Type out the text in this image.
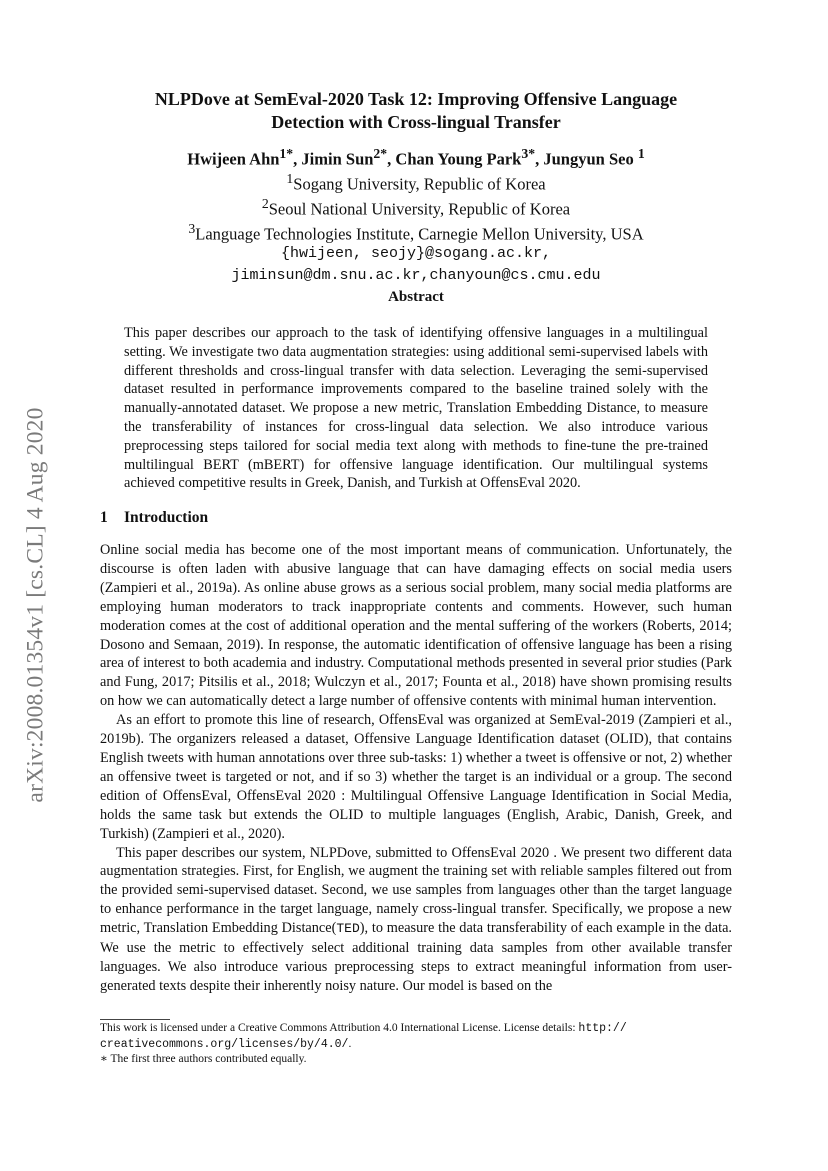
arXiv:2008.01354v1 [cs.CL] 4 Aug 2020
NLPDove at SemEval-2020 Task 12: Improving Offensive Language
Detection with Cross-lingual Transfer
Hwijeen Ahn$^{1*}$, Jimin Sun$^{2*}$, Chan Young Park$^{3*}$, Jungyun Seo $^1$
$^1$Sogang University, Republic of Korea
$^2$Seoul National University, Republic of Korea
$^3$Language Technologies Institute, Carnegie Mellon University, USA
{hwijeen, seojy}@sogang.ac.kr,
jiminsun@dm.snu.ac.kr,chanyoun@cs.cmu.edu
Abstract
This paper describes our approach to the task of identifying offensive languages in a multilingual setting. We investigate two data augmentation strategies: using additional semi-supervised labels with different thresholds and cross-lingual transfer with data selection. Leveraging the semi-supervised dataset resulted in performance improvements compared to the baseline trained solely with the manually-annotated dataset. We propose a new metric, Translation Embedding Distance, to measure the transferability of instances for cross-lingual data selection. We also introduce various preprocessing steps tailored for social media text along with methods to fine-tune the pre-trained multilingual BERT (mBERT) for offensive language identification. Our multilingual systems achieved competitive results in Greek, Danish, and Turkish at OffensEval 2020.
1 Introduction

Online social media has become one of the most important means of communication. Unfortunately, the discourse is often laden with abusive language that can have damaging effects on social media users (Zampieri et al., 2019a). As online abuse grows as a serious social problem, many social media platforms are employing human moderators to track inappropriate contents and comments. However, such human moderation comes at the cost of additional operation and the mental suffering of the workers (Roberts, 2014; Dosono and Semaan, 2019). In response, the automatic identification of offensive language has been a rising area of interest to both academia and industry. Computational methods presented in several prior studies (Park and Fung, 2017; Pitsilis et al., 2018; Wulczyn et al., 2017; Founta et al., 2018) have shown promising results on how we can automatically detect a large number of offensive contents with minimal human intervention.

As an effort to promote this line of research, OffensEval was organized at SemEval-2019 (Zampieri et al., 2019b). The organizers released a dataset, Offensive Language Identification dataset (OLID), that contains English tweets with human annotations over three sub-tasks: 1) whether a tweet is offensive or not, 2) whether an offensive tweet is targeted or not, and if so 3) whether the target is an individual or a group. The second edition of OffensEval, OffensEval 2020 : Multilingual Offensive Language Identification in Social Media, holds the same task but extends the OLID to multiple languages (English, Arabic, Danish, Greek, and Turkish) (Zampieri et al., 2020).

This paper describes our system, NLPDove, submitted to OffensEval 2020 . We present two different data augmentation strategies. First, for English, we augment the training set with reliable samples filtered out from the provided semi-supervised dataset. Second, we use samples from languages other than the target language to enhance performance in the target language, namely cross-lingual transfer. Specifically, we propose a new metric, Translation Embedding Distance(TED), to measure the data transferability of each example in the data. We use the metric to effectively select additional training data samples from other available transfer languages. We also introduce various preprocessing steps to extract meaningful information from user-generated texts despite their inherently noisy nature. Our model is based on the

This work is licensed under a Creative Commons Attribution 4.0 International License. License details: http://
creativecommons.org/licenses/by/4.0/.

∗ The first three authors contributed equally.
